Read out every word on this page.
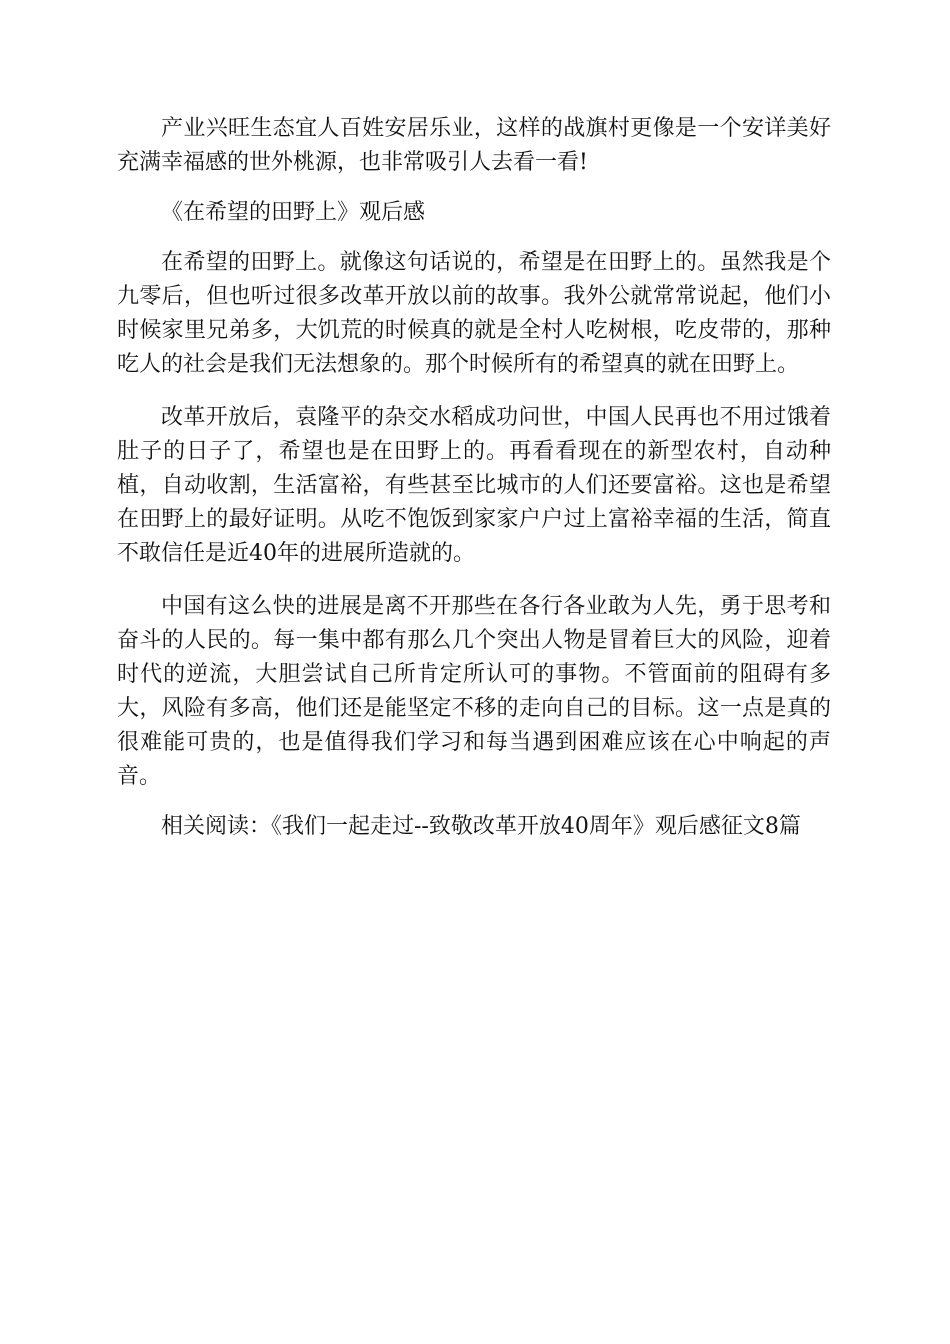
产业兴旺生态宜人百姓安居乐业，这样的战旗村更像是一个安详美好充满幸福感的世外桃源，也非常吸引人去看一看!

《在希望的田野上》观后感

在希望的田野上。就像这句话说的，希望是在田野上的。虽然我是个九零后，但也听过很多改革开放以前的故事。我外公就常常说起，他们小时候家里兄弟多，大饥荒的时候真的就是全村人吃树根，吃皮带的，那种吃人的社会是我们无法想象的。那个时候所有的希望真的就在田野上。

改革开放后，袁隆平的杂交水稻成功问世，中国人民再也不用过饿着肚子的日子了，希望也是在田野上的。再看看现在的新型农村，自动种植，自动收割，生活富裕，有些甚至比城市的人们还要富裕。这也是希望在田野上的最好证明。从吃不饱饭到家家户户过上富裕幸福的生活，简直不敢信任是近40年的进展所造就的。

中国有这么快的进展是离不开那些在各行各业敢为人先，勇于思考和奋斗的人民的。每一集中都有那么几个突出人物是冒着巨大的风险，迎着时代的逆流，大胆尝试自己所肯定所认可的事物。不管面前的阻碍有多大，风险有多高，他们还是能坚定不移的走向自己的目标。这一点是真的很难能可贵的，也是值得我们学习和每当遇到困难应该在心中响起的声音。

相关阅读：《我们一起走过--致敬改革开放40周年》观后感征文8篇
